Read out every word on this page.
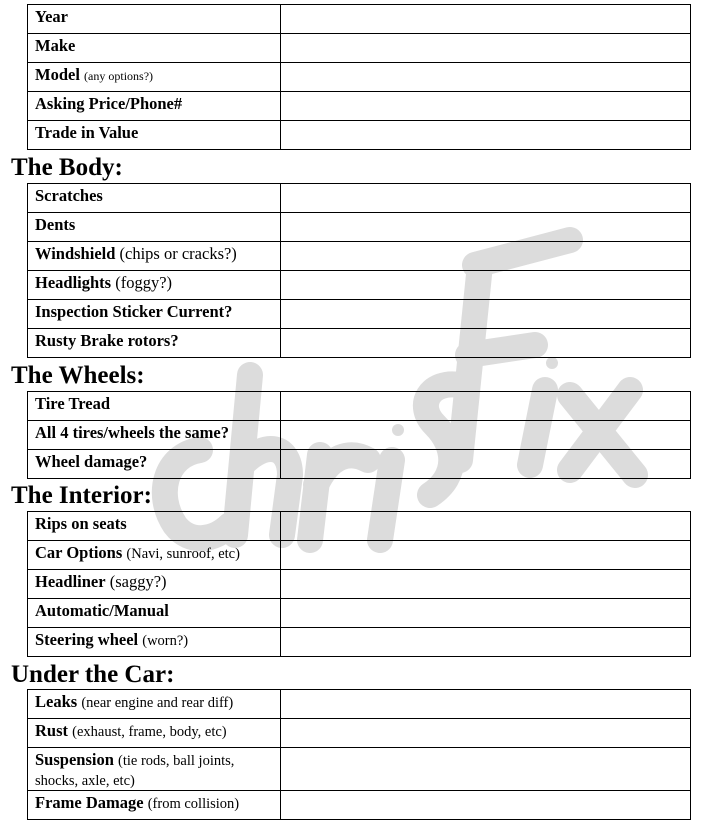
Year	
Make	
Model (any options?)	
Asking Price/Phone#	
Trade in Value	
The Body:
Scratches	
Dents	
Windshield (chips or cracks?)	
Headlights (foggy?)	
Inspection Sticker Current?	
Rusty Brake rotors?	
The Wheels:
Tire Tread	
All 4 tires/wheels the same?	
Wheel damage?	
The Interior:
Rips on seats	
Car Options (Navi, sunroof, etc)	
Headliner (saggy?)	
Automatic/Manual	
Steering wheel (worn?)	
Under the Car:
Leaks (near engine and rear diff)	
Rust (exhaust, frame, body, etc)	
Suspension (tie rods, ball joints, shocks, axle, etc)	
Frame Damage (from collision)	
